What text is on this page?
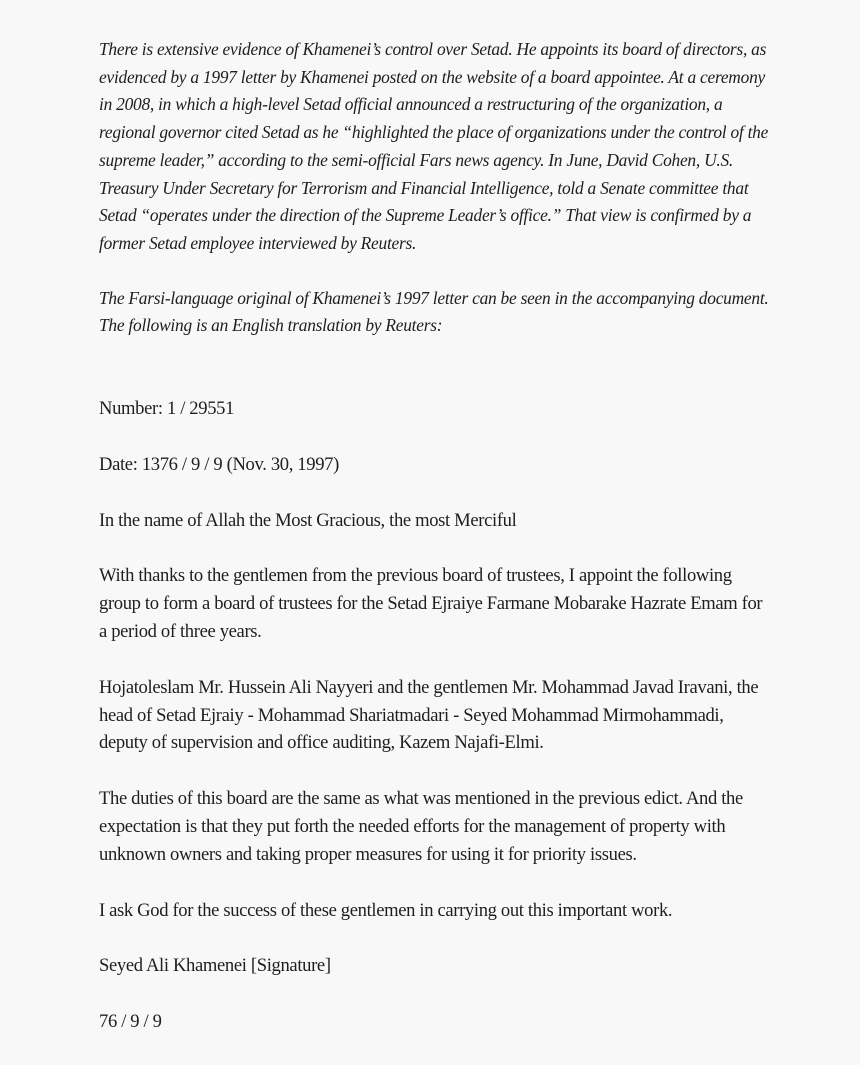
There is extensive evidence of Khamenei’s control over Setad. He appoints its board of directors, as evidenced by a 1997 letter by Khamenei posted on the website of a board appointee. At a ceremony in 2008, in which a high-level Setad official announced a restructuring of the organization, a regional governor cited Setad as he “highlighted the place of organizations under the control of the supreme leader,” according to the semi-official Fars news agency. In June, David Cohen, U.S. Treasury Under Secretary for Terrorism and Financial Intelligence, told a Senate committee that Setad “operates under the direction of the Supreme Leader’s office.” That view is confirmed by a former Setad employee interviewed by Reuters.

The Farsi-language original of Khamenei’s 1997 letter can be seen in the accompanying document. The following is an English translation by Reuters:

Number: 1 / 29551

Date: 1376 / 9 / 9 (Nov. 30, 1997)

In the name of Allah the Most Gracious, the most Merciful

With thanks to the gentlemen from the previous board of trustees, I appoint the following group to form a board of trustees for the Setad Ejraiye Farmane Mobarake Hazrate Emam for a period of three years.

Hojatoleslam Mr. Hussein Ali Nayyeri and the gentlemen Mr. Mohammad Javad Iravani, the head of Setad Ejraiy - Mohammad Shariatmadari - Seyed Mohammad Mirmohammadi, deputy of supervision and office auditing, Kazem Najafi-Elmi.

The duties of this board are the same as what was mentioned in the previous edict. And the expectation is that they put forth the needed efforts for the management of property with unknown owners and taking proper measures for using it for priority issues.

I ask God for the success of these gentlemen in carrying out this important work.

Seyed Ali Khamenei [Signature]

76 / 9 / 9
